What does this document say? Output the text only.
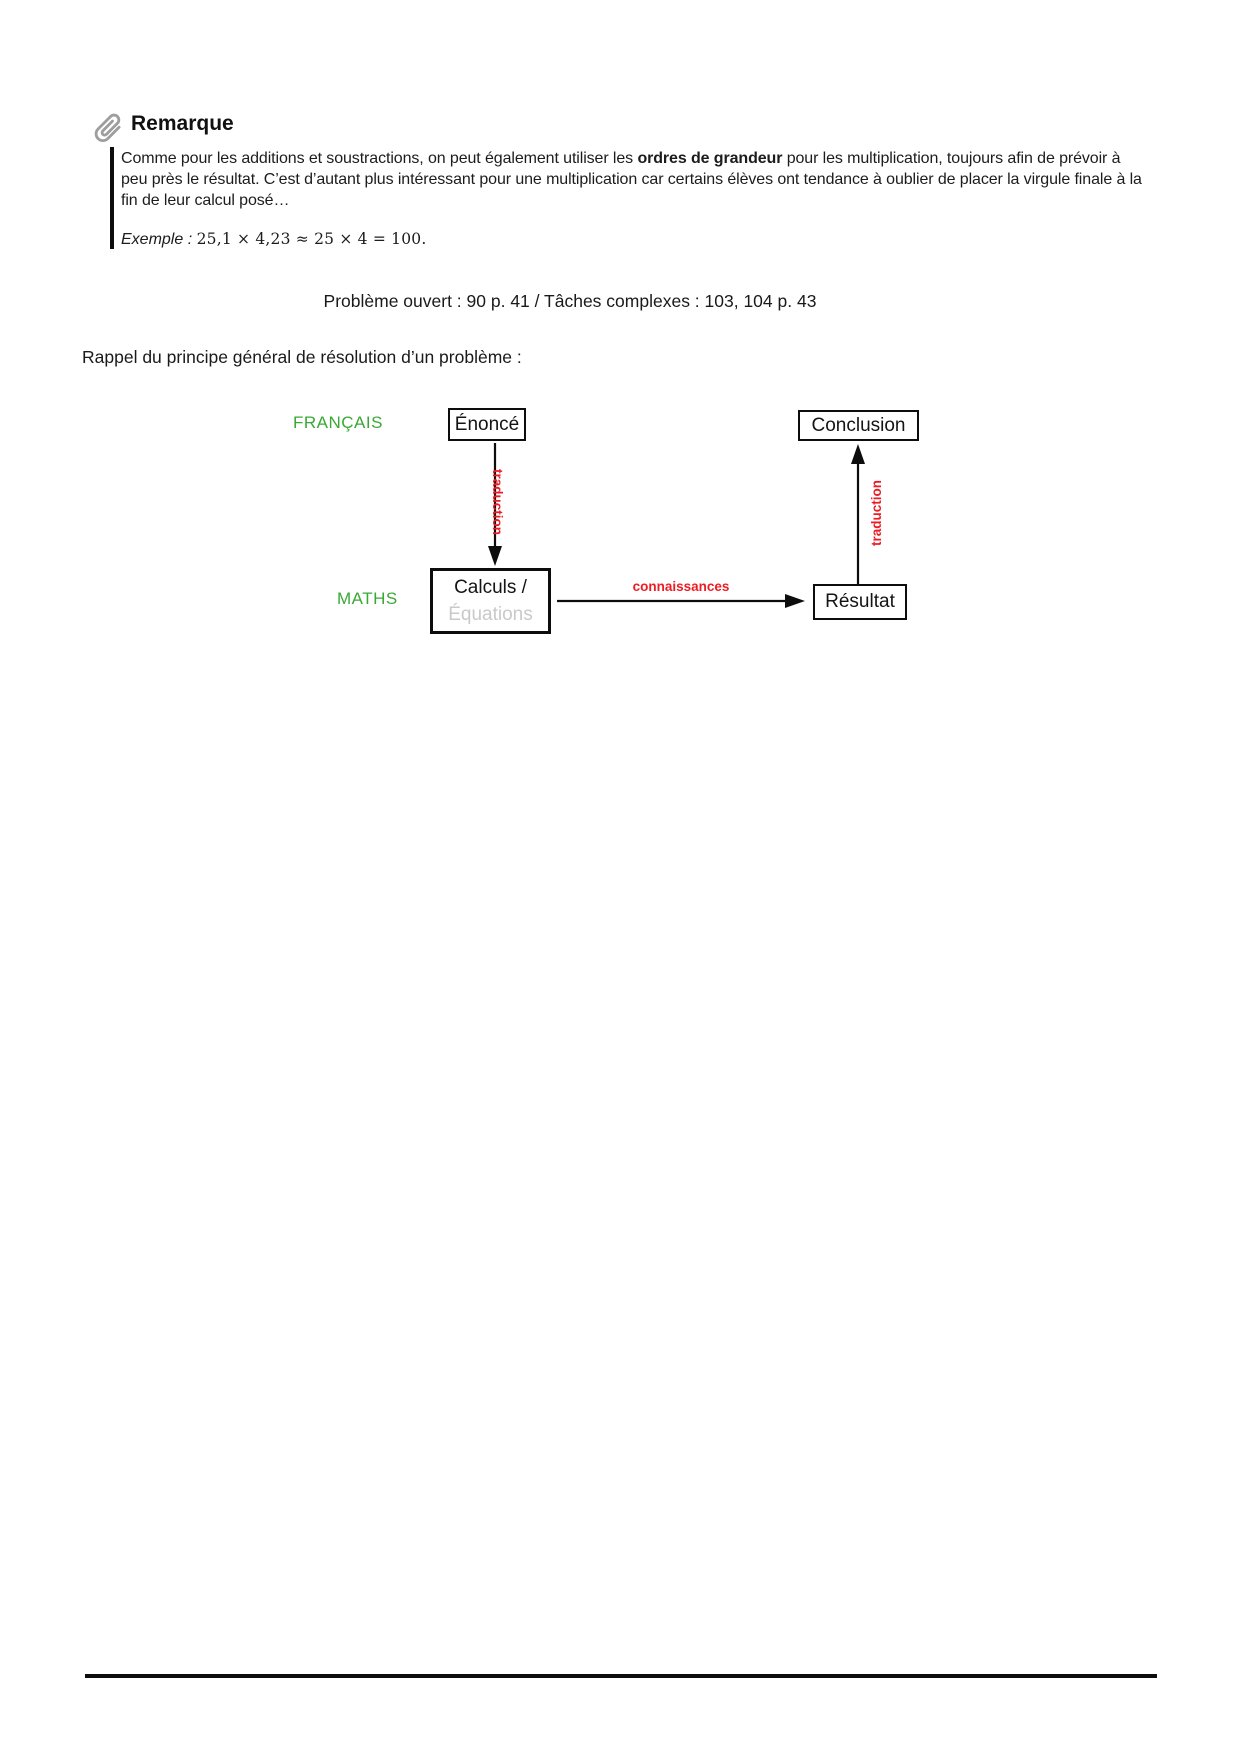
Remarque
Comme pour les additions et soustractions, on peut également utiliser les ordres de grandeur pour les multiplication, toujours afin de prévoir à peu près le résultat. C’est d’autant plus intéressant pour une multiplication car certains élèves ont tendance à oublier de placer la virgule finale à la fin de leur calcul posé…
Exemple : 25,1 × 4,23 ≈ 25 × 4 = 100.
Problème ouvert : 90 p. 41 / Tâches complexes : 103, 104 p. 43
Rappel du principe général de résolution d’un problème :
FRANÇAIS
MATHS
Énoncé	Conclusion
Calculs /
Équations
Résultat
traduction	traduction
connaissances
